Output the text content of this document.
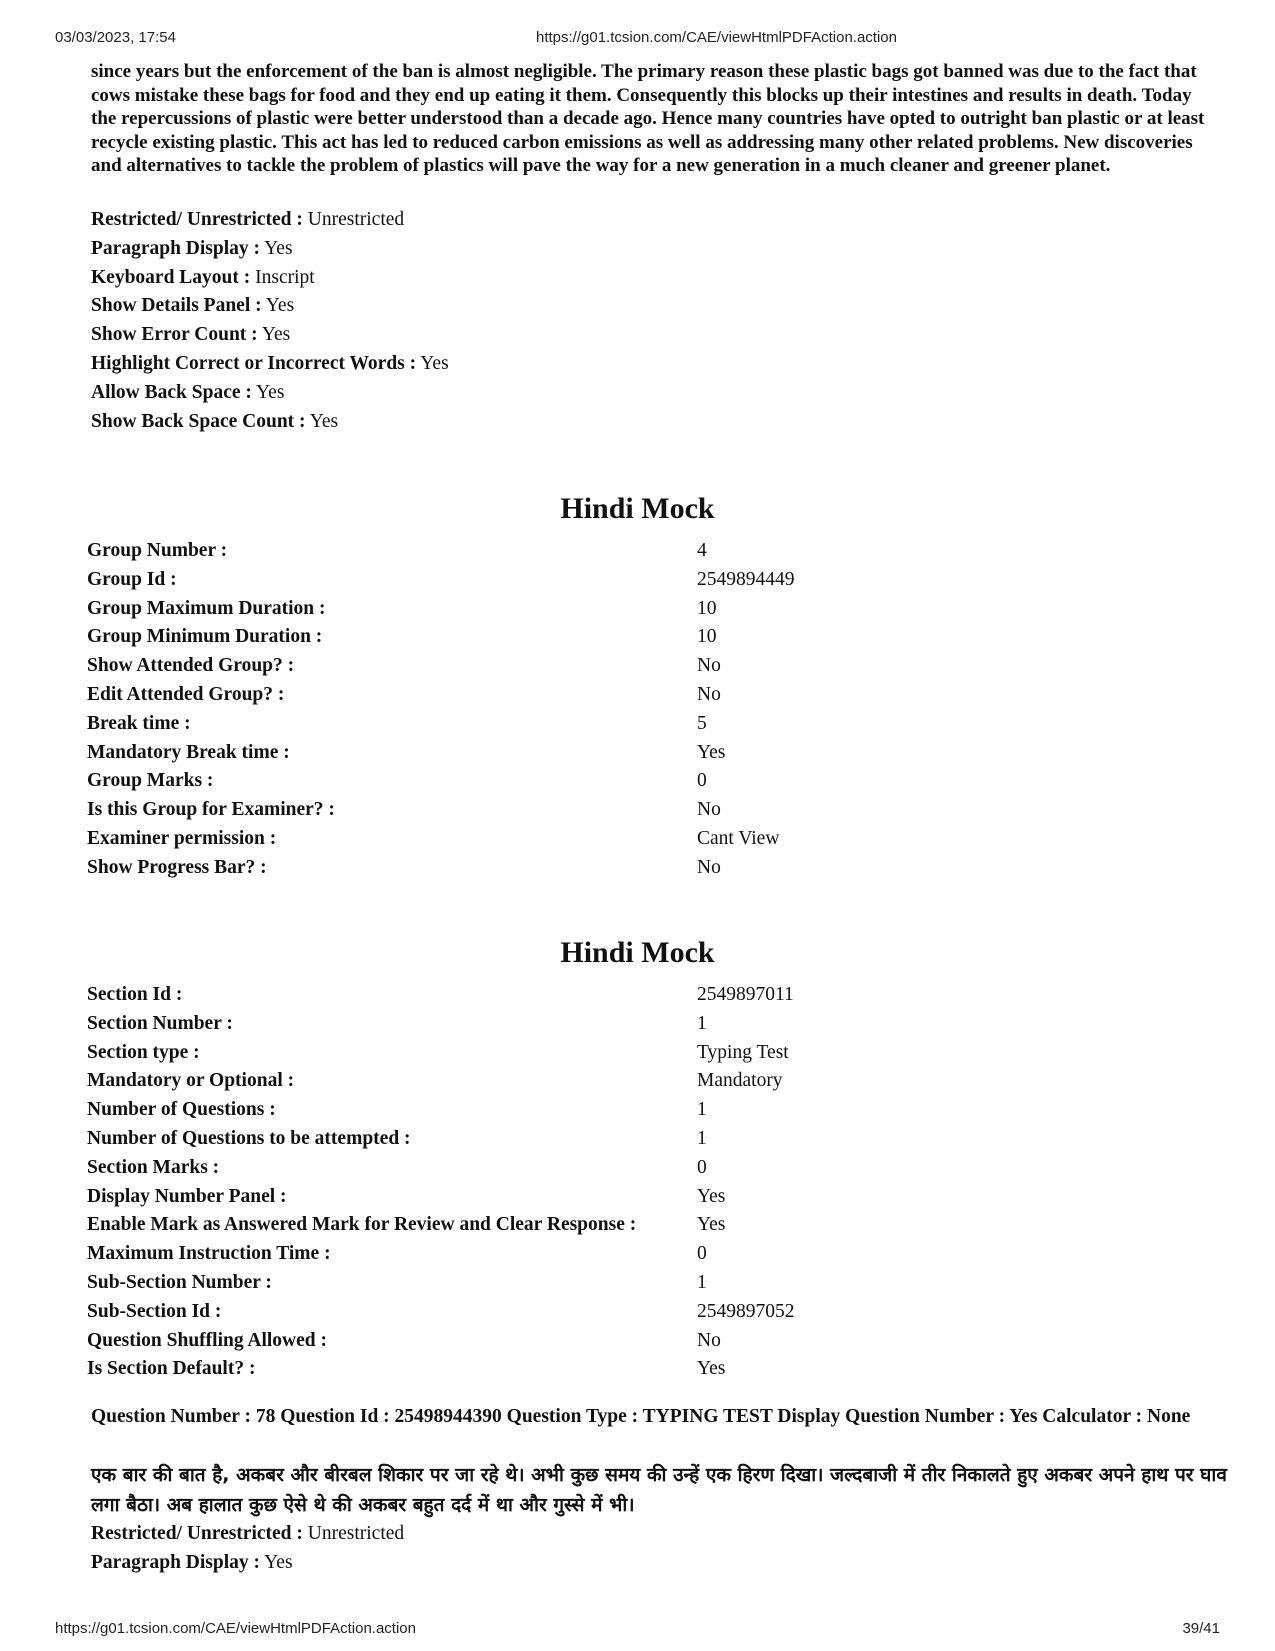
03/03/2023, 17:54	https://g01.tcsion.com/CAE/viewHtmlPDFAction.action
since years but the enforcement of the ban is almost negligible. The primary reason these plastic bags got banned was due to the fact that cows mistake these bags for food and they end up eating it them. Consequently this blocks up their intestines and results in death. Today the repercussions of plastic were better understood than a decade ago. Hence many countries have opted to outright ban plastic or at least recycle existing plastic. This act has led to reduced carbon emissions as well as addressing many other related problems. New discoveries and alternatives to tackle the problem of plastics will pave the way for a new generation in a much cleaner and greener planet.
Restricted/ Unrestricted : Unrestricted
Paragraph Display : Yes
Keyboard Layout : Inscript
Show Details Panel : Yes
Show Error Count : Yes
Highlight Correct or Incorrect Words : Yes
Allow Back Space : Yes
Show Back Space Count : Yes
Hindi Mock
Group Number :	4
Group Id :	2549894449
Group Maximum Duration :	10
Group Minimum Duration :	10
Show Attended Group? :	No
Edit Attended Group? :	No
Break time :	5
Mandatory Break time :	Yes
Group Marks :	0
Is this Group for Examiner? :	No
Examiner permission :	Cant View
Show Progress Bar? :	No
Hindi Mock
Section Id :	2549897011
Section Number :	1
Section type :	Typing Test
Mandatory or Optional :	Mandatory
Number of Questions :	1
Number of Questions to be attempted :	1
Section Marks :	0
Display Number Panel :	Yes
Enable Mark as Answered Mark for Review and Clear Response :	Yes
Maximum Instruction Time :	0
Sub-Section Number :	1
Sub-Section Id :	2549897052
Question Shuffling Allowed :	No
Is Section Default? :	Yes
Question Number : 78 Question Id : 25498944390 Question Type : TYPING TEST Display Question Number : Yes Calculator : None
एक बार की बात है, अकबर और बीरबल शिकार पर जा रहे थे। अभी कुछ समय की उन्हें एक हिरण दिखा। जल्दबाजी में तीर निकालते हुए अकबर अपने हाथ पर घाव लगा बैठा। अब हालात कुछ ऐसे थे की अकबर बहुत दर्द में था और गुस्से में भी।
Restricted/ Unrestricted : Unrestricted
Paragraph Display : Yes
https://g01.tcsion.com/CAE/viewHtmlPDFAction.action	39/41
